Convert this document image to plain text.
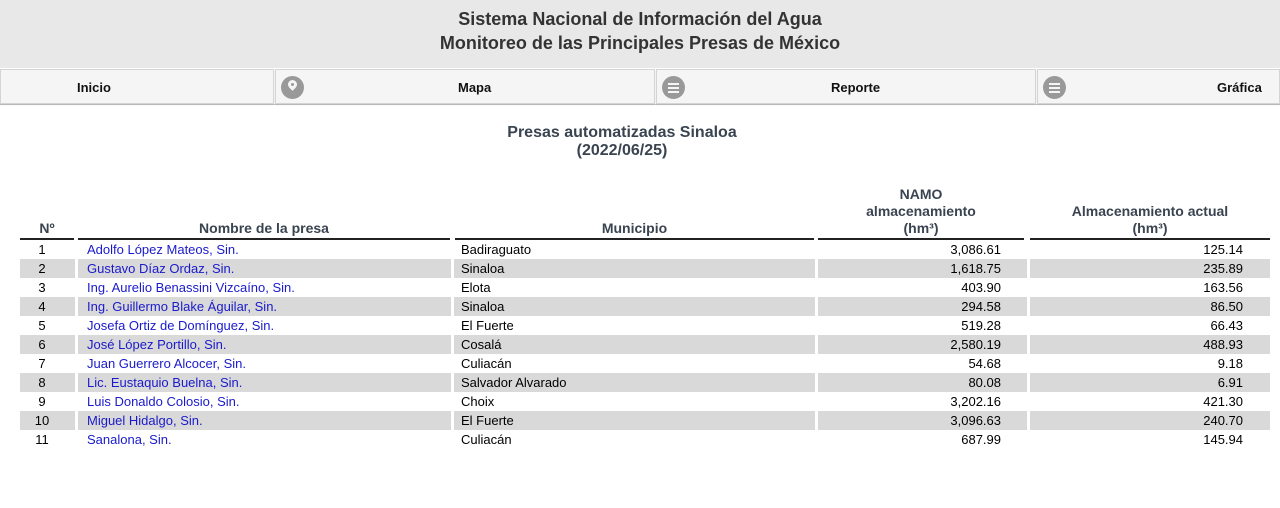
Sistema Nacional de Información del Agua
Monitoreo de las Principales Presas de México
Inicio	Mapa	Reporte	Gráfica
Presas automatizadas Sinaloa
(2022/06/25)
Nº	Nombre de la presa	Municipio
NAMO
almacenamiento
(hm³)
Almacenamiento actual
(hm³)
1	Adolfo López Mateos, Sin.	Badiraguato	3,086.61	125.14
2	Gustavo Díaz Ordaz, Sin.	Sinaloa	1,618.75	235.89
3	Ing. Aurelio Benassini Vizcaíno, Sin.	Elota	403.90	163.56
4	Ing. Guillermo Blake Águilar, Sin.	Sinaloa	294.58	86.50
5	Josefa Ortiz de Domínguez, Sin.	El Fuerte	519.28	66.43
6	José López Portillo, Sin.	Cosalá	2,580.19	488.93
7	Juan Guerrero Alcocer, Sin.	Culiacán	54.68	9.18
8	Lic. Eustaquio Buelna, Sin.	Salvador Alvarado	80.08	6.91
9	Luis Donaldo Colosio, Sin.	Choix	3,202.16	421.30
10	Miguel Hidalgo, Sin.	El Fuerte	3,096.63	240.70
11	Sanalona, Sin.	Culiacán	687.99	145.94
